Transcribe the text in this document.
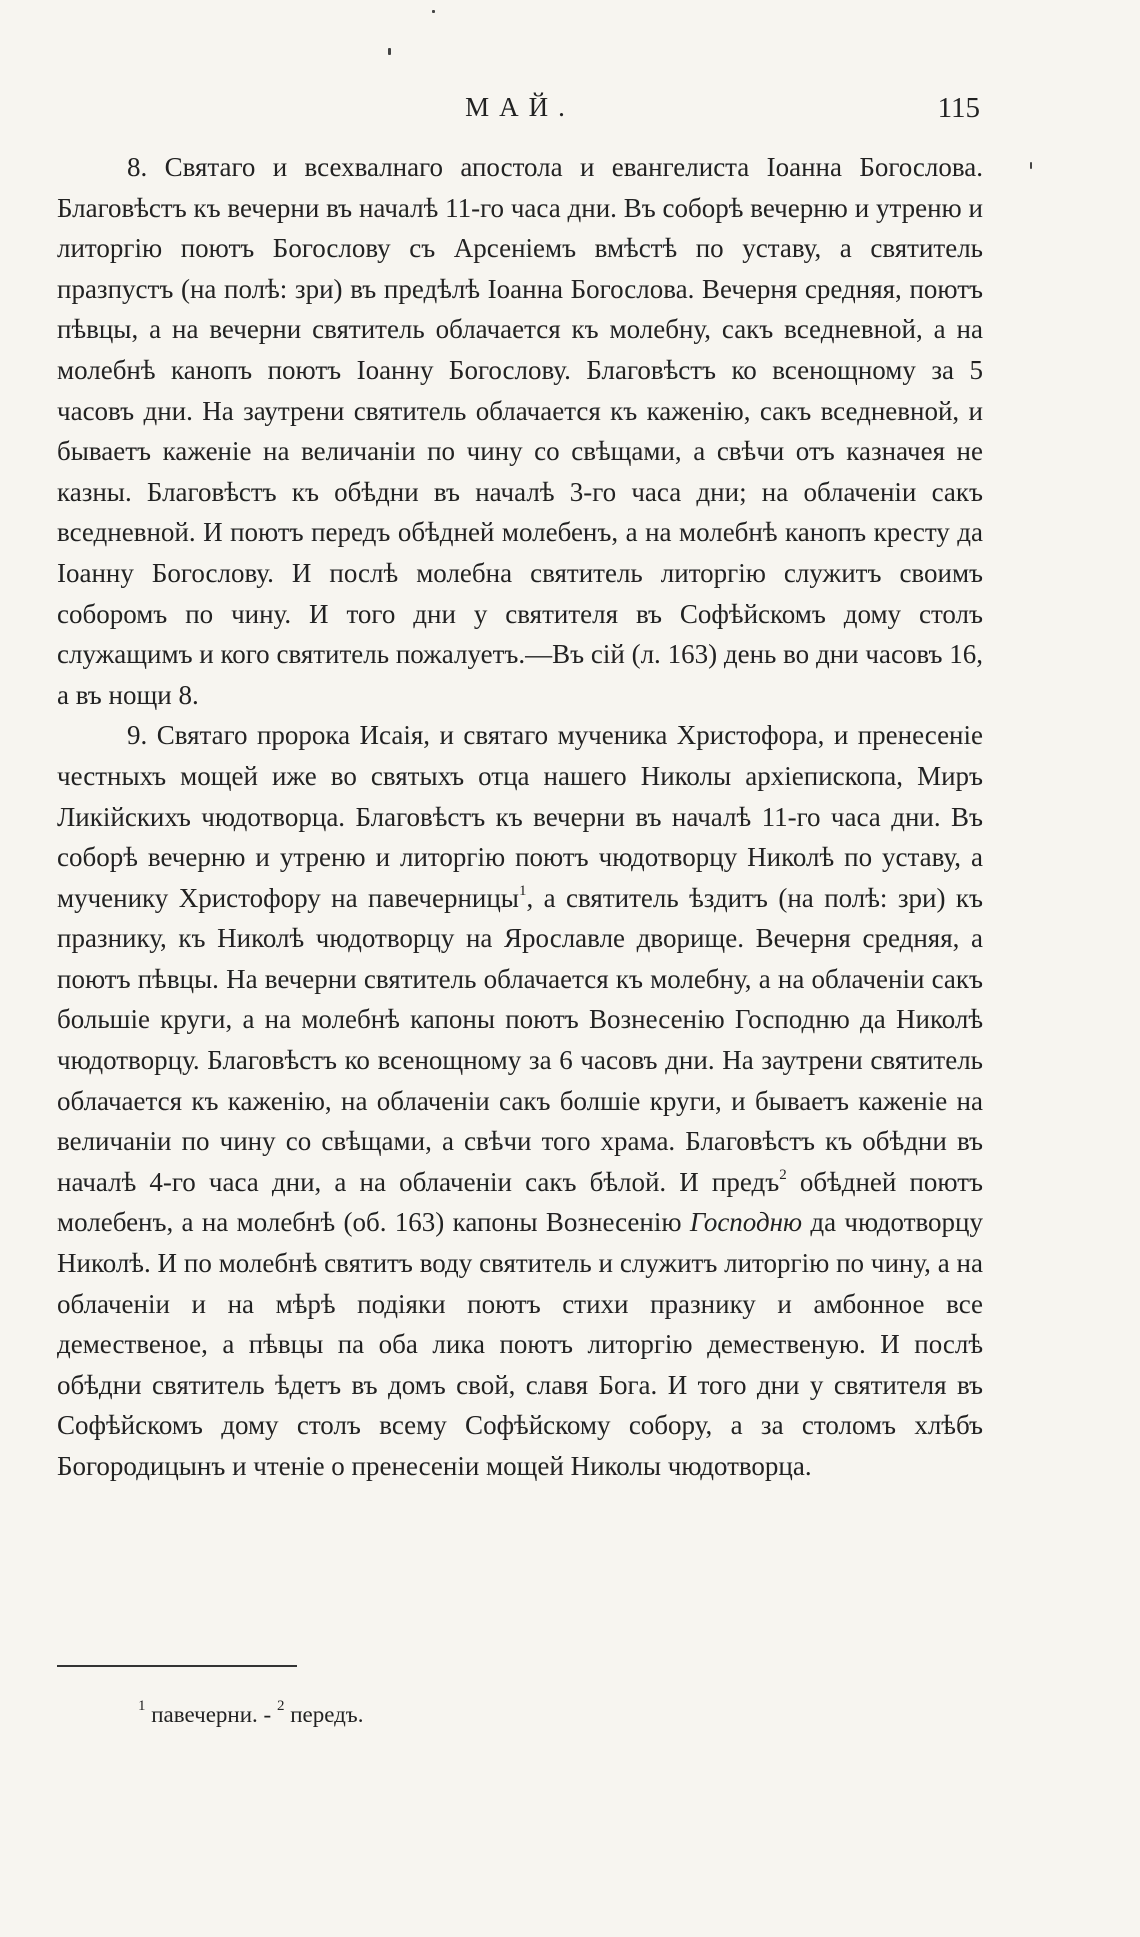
МАЙ.	115

8. Святаго и всехвалнаго апостола и евангелиста Іоанна Богослова. Благовѣстъ къ вечерни въ началѣ 11-го часа дни. Въ соборѣ вечерню и утреню и литоргію поютъ Богослову съ Арсеніемъ вмѣстѣ по уставу, а святитель празпустъ (на полѣ: зри) въ предѣлѣ Іоанна Богослова. Вечерня средняя, поютъ пѣвцы, а на вечерни святитель облачается къ молебну, сакъ вседневной, а на молебнѣ канопъ поютъ Іоанну Богослову. Благовѣстъ ко всенощному за 5 часовъ дни. На заутрени святитель облачается къ каженію, сакъ вседневной, и бываетъ каженіе на величаніи по чину со свѣщами, а свѣчи отъ казначея не казны. Благовѣстъ къ обѣдни въ началѣ 3-го часа дни; на облаченіи сакъ вседневной. И поютъ передъ обѣдней молебенъ, а на молебнѣ канопъ кресту да Іоанну Богослову. И послѣ молебна святитель литоргію служитъ своимъ соборомъ по чину. И того дни у святителя въ Софѣйскомъ дому столъ служащимъ и кого святитель пожалуетъ.—Въ сій (л. 163) день во дни часовъ 16, а въ нощи 8.

9. Святаго пророка Исаія, и святаго мученика Христофора, и пренесеніе честныхъ мощей иже во святыхъ отца нашего Николы архіепископа, Миръ Ликійскихъ чюдотворца. Благовѣстъ къ вечерни въ началѣ 11-го часа дни. Въ соборѣ вечерню и утреню и литоргію поютъ чюдотворцу Николѣ по уставу, а мученику Христофору на павечерницы$^1$, а святитель ѣздитъ (на полѣ: зри) къ празнику, къ Николѣ чюдотворцу на Ярославле дворище. Вечерня средняя, а поютъ пѣвцы. На вечерни святитель облачается къ молебну, а на облаченіи сакъ большіе круги, а на молебнѣ капоны поютъ Вознесенію Господню да Николѣ чюдотворцу. Благовѣстъ ко всенощному за 6 часовъ дни. На заутрени святитель облачается къ каженію, на облаченіи сакъ болшіе круги, и бываетъ каженіе на величаніи по чину со свѣщами, а свѣчи того храма. Благовѣстъ къ обѣдни въ началѣ 4-го часа дни, а на облаченіи сакъ бѣлой. И предъ$^2$ обѣдней поютъ молебенъ, а на молебнѣ (об. 163) капоны Вознесенію Господню да чюдотворцу Николѣ. И по молебнѣ святитъ воду святитель и служитъ литоргію по чину, а на облаченіи и на мѣрѣ подіяки поютъ стихи празнику и амбонное все демественое, а пѣвцы па оба лика поютъ литоргію демественую. И послѣ обѣдни святитель ѣдетъ въ домъ свой, славя Бога. И того дни у святителя въ Софѣйскомъ дому столъ всему Софѣйскому собору, а за столомъ хлѣбъ Богородицынъ и чтеніе о пренесеніи мощей Николы чюдотворца.

$^1$ павечерни. - $^2$ передъ.
